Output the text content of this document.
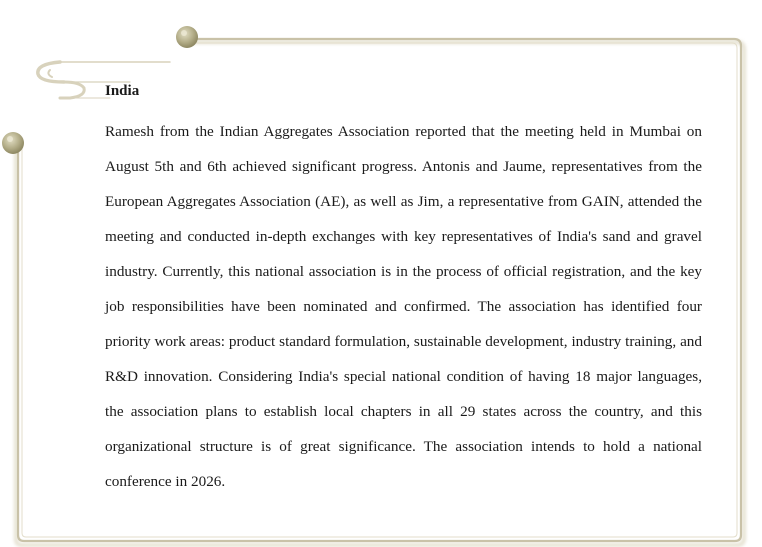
India

Ramesh from the Indian Aggregates Association reported that the meeting held in Mumbai on August 5th and 6th achieved significant progress. Antonis and Jaume, representatives from the European Aggregates Association (AE), as well as Jim, a representative from GAIN, attended the meeting and conducted in-depth exchanges with key representatives of India's sand and gravel industry. Currently, this national association is in the process of official registration, and the key job responsibilities have been nominated and confirmed. The association has identified four priority work areas: product standard formulation, sustainable development, industry training, and R&D innovation. Considering India's special national condition of having 18 major languages, the association plans to establish local chapters in all 29 states across the country, and this organizational structure is of great significance. The association intends to hold a national conference in 2026.
